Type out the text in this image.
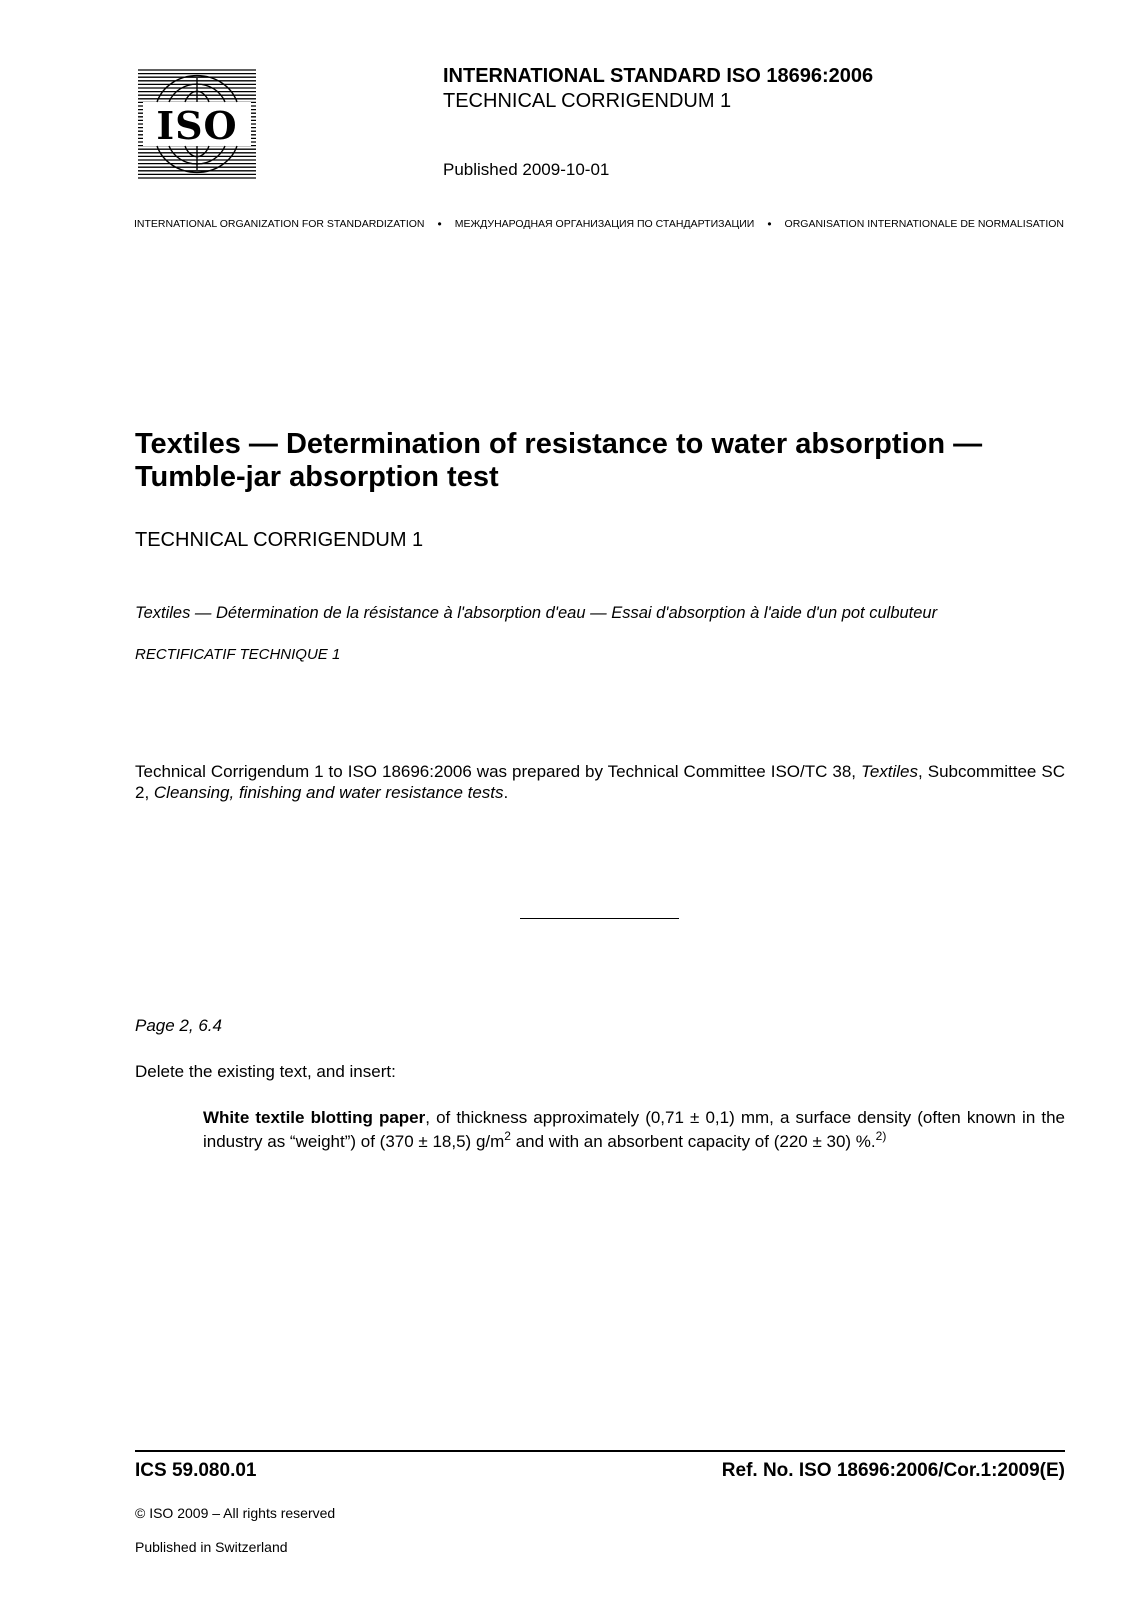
ISO
INTERNATIONAL STANDARD ISO 18696:2006
TECHNICAL CORRIGENDUM 1
Published 2009-10-01
INTERNATIONAL ORGANIZATION FOR STANDARDIZATION • МЕЖДУНАРОДНАЯ ОРГАНИЗАЦИЯ ПО СТАНДАРТИЗАЦИИ • ORGANISATION INTERNATIONALE DE NORMALISATION
Textiles — Determination of resistance to water absorption —
Tumble-jar absorption test
TECHNICAL CORRIGENDUM 1
Textiles — Détermination de la résistance à l'absorption d'eau — Essai d'absorption à l'aide d'un pot culbuteur
RECTIFICATIF TECHNIQUE 1
Technical Corrigendum 1 to ISO 18696:2006 was prepared by Technical Committee ISO/TC 38, Textiles, Subcommittee SC 2, Cleansing, finishing and water resistance tests.
Page 2, 6.4
Delete the existing text, and insert:
White textile blotting paper, of thickness approximately (0,71 ± 0,1) mm, a surface density (often known in the industry as “weight”) of (370 ± 18,5) $g/m^2$ and with an absorbent capacity of (220 ± 30) %.$^{2)}$
ICS 59.080.01	Ref. No. ISO 18696:2006/Cor.1:2009(E)
© ISO 2009 – All rights reserved
Published in Switzerland
